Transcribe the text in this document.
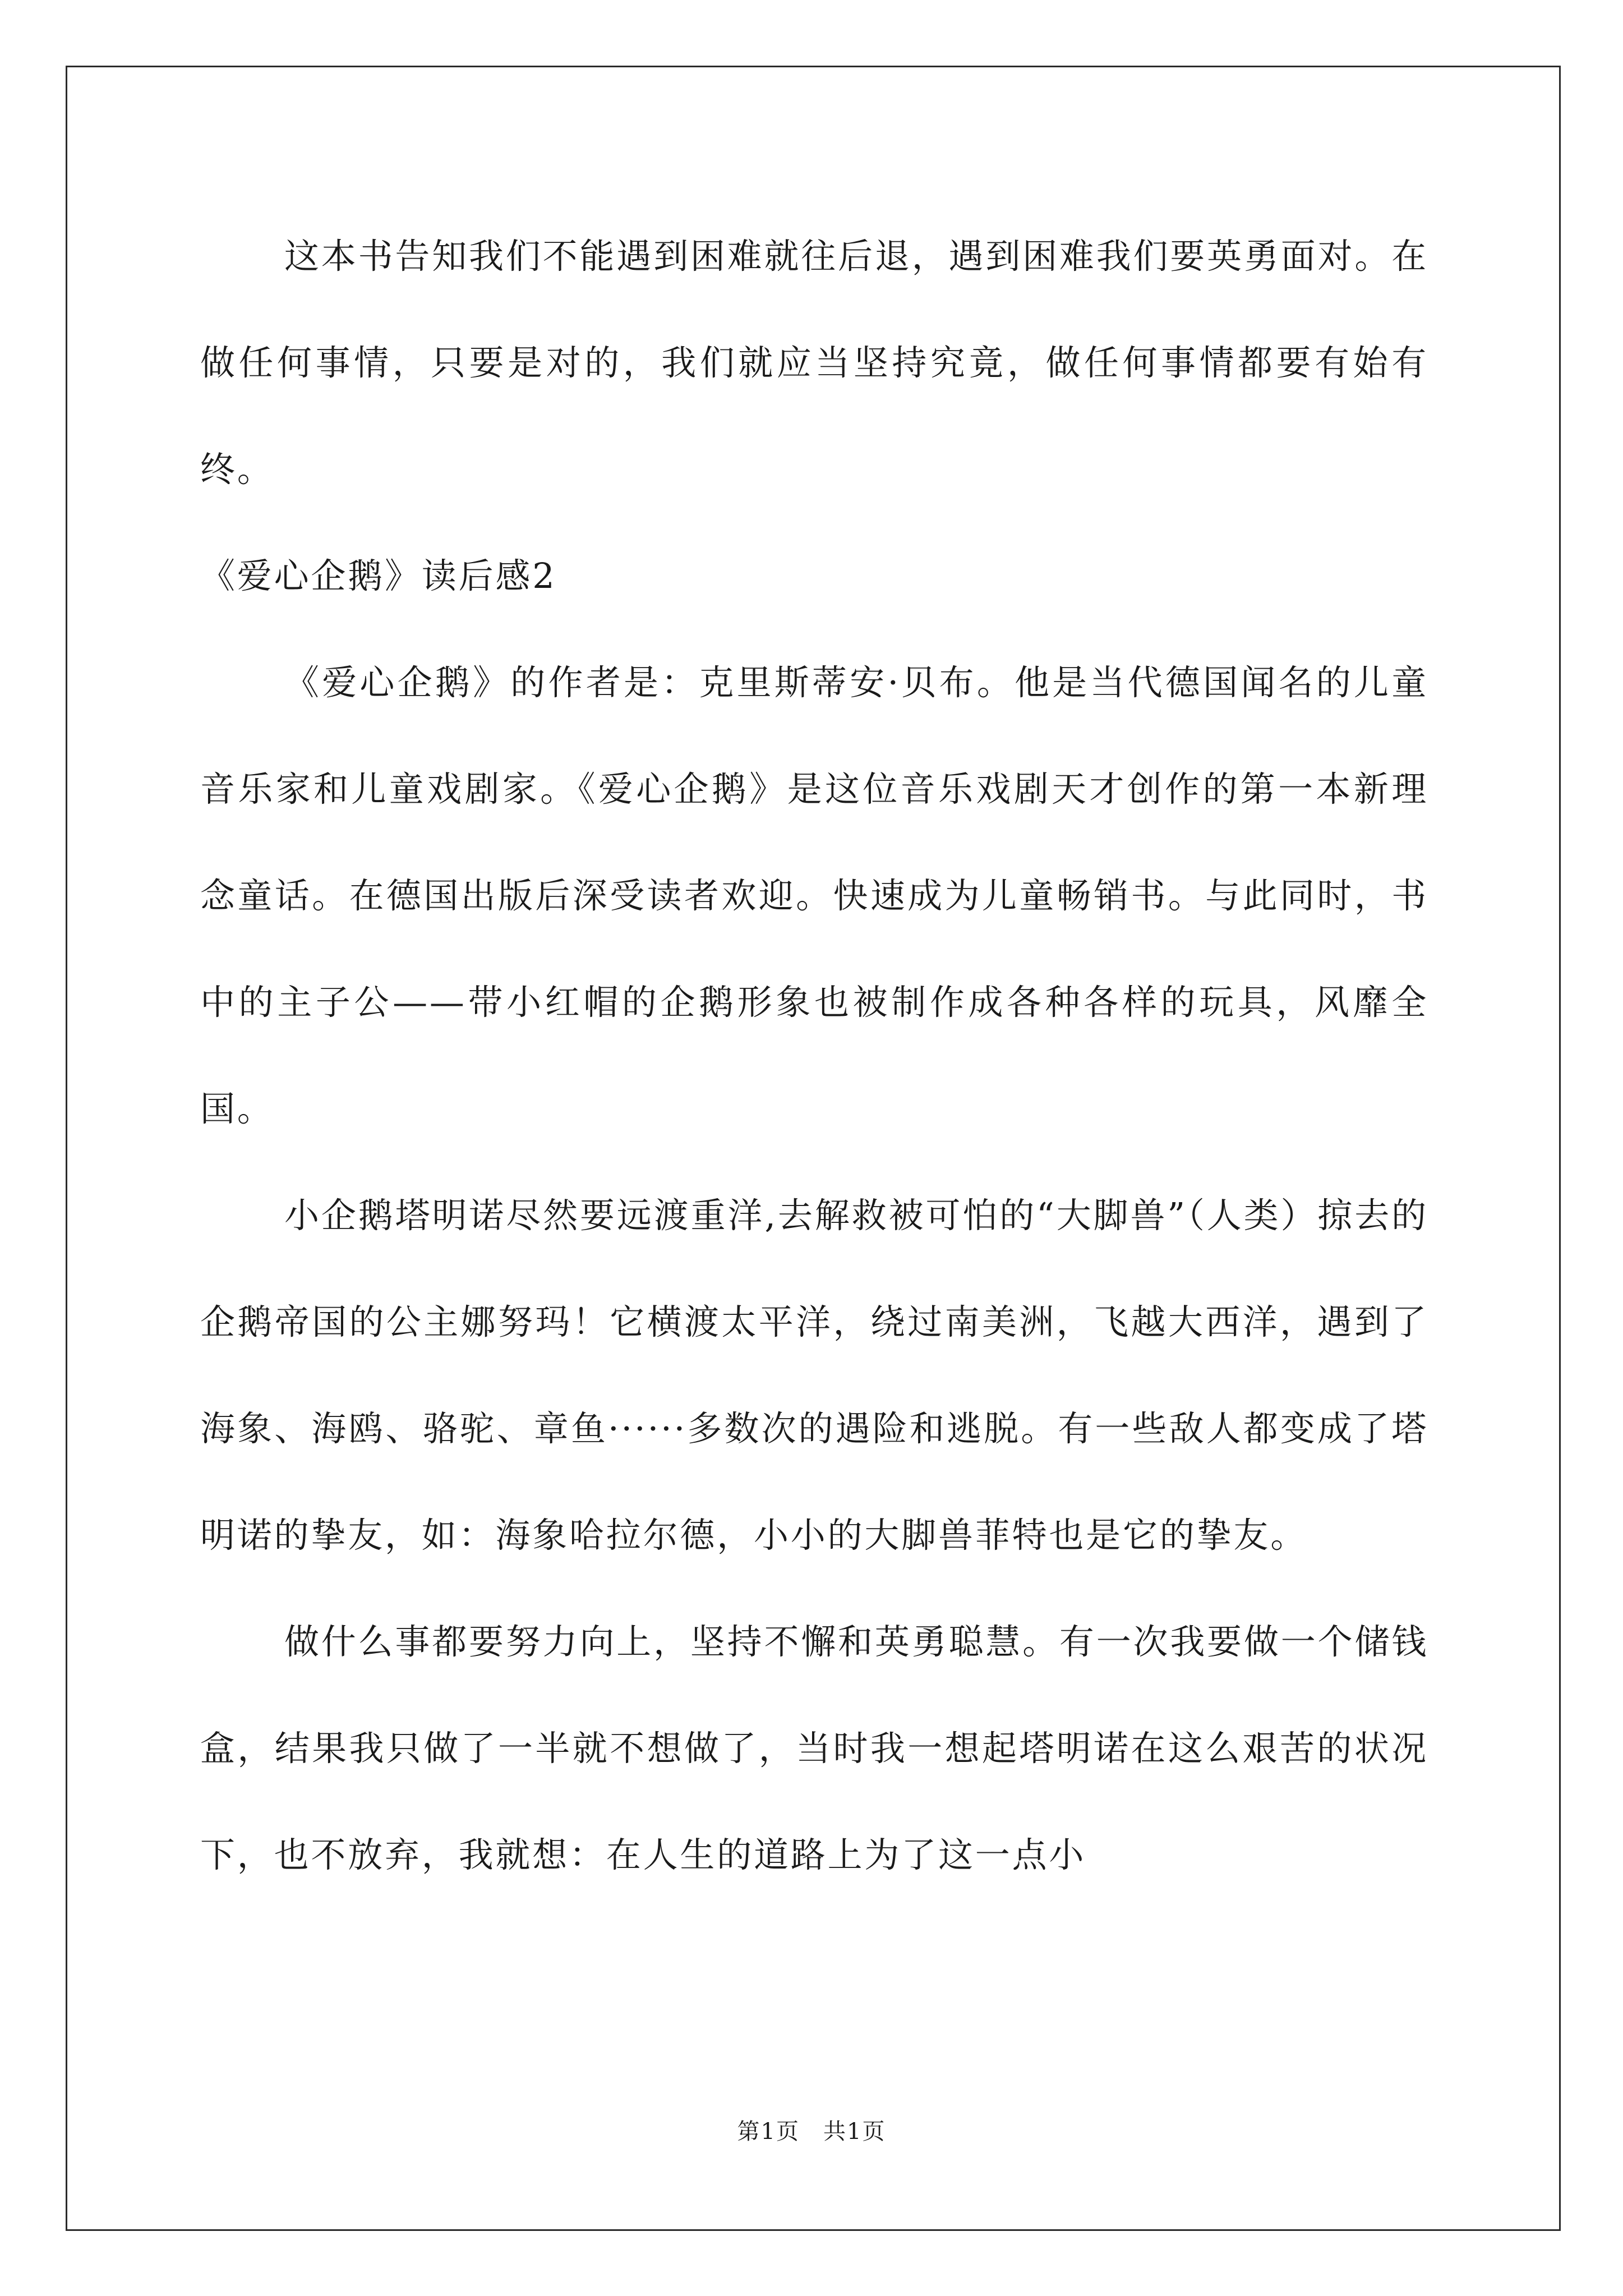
这本书告知我们不能遇到困难就往后退，遇到困难我们要英勇面对。在做任何事情，只要是对的，我们就应当坚持究竟，做任何事情都要有始有终。

《爱心企鹅》读后感2

《爱心企鹅》的作者是：克里斯蒂安·贝布。他是当代德国闻名的儿童音乐家和儿童戏剧家。《爱心企鹅》是这位音乐戏剧天才创作的第一本新理念童话。在德国出版后深受读者欢迎。快速成为儿童畅销书。与此同时，书中的主子公——带小红帽的企鹅形象也被制作成各种各样的玩具，风靡全国。

小企鹅塔明诺尽然要远渡重洋,去解救被可怕的“大脚兽”（人类）掠去的企鹅帝国的公主娜努玛！它横渡太平洋，绕过南美洲，飞越大西洋，遇到了海象、海鸥、骆驼、章鱼······多数次的遇险和逃脱。有一些敌人都变成了塔明诺的挚友，如：海象哈拉尔德，小小的大脚兽菲特也是它的挚友。

做什么事都要努力向上，坚持不懈和英勇聪慧。有一次我要做一个储钱盒，结果我只做了一半就不想做了，当时我一想起塔明诺在这么艰苦的状况下，也不放弃，我就想：在人生的道路上为了这一点小

第1页　共1页
